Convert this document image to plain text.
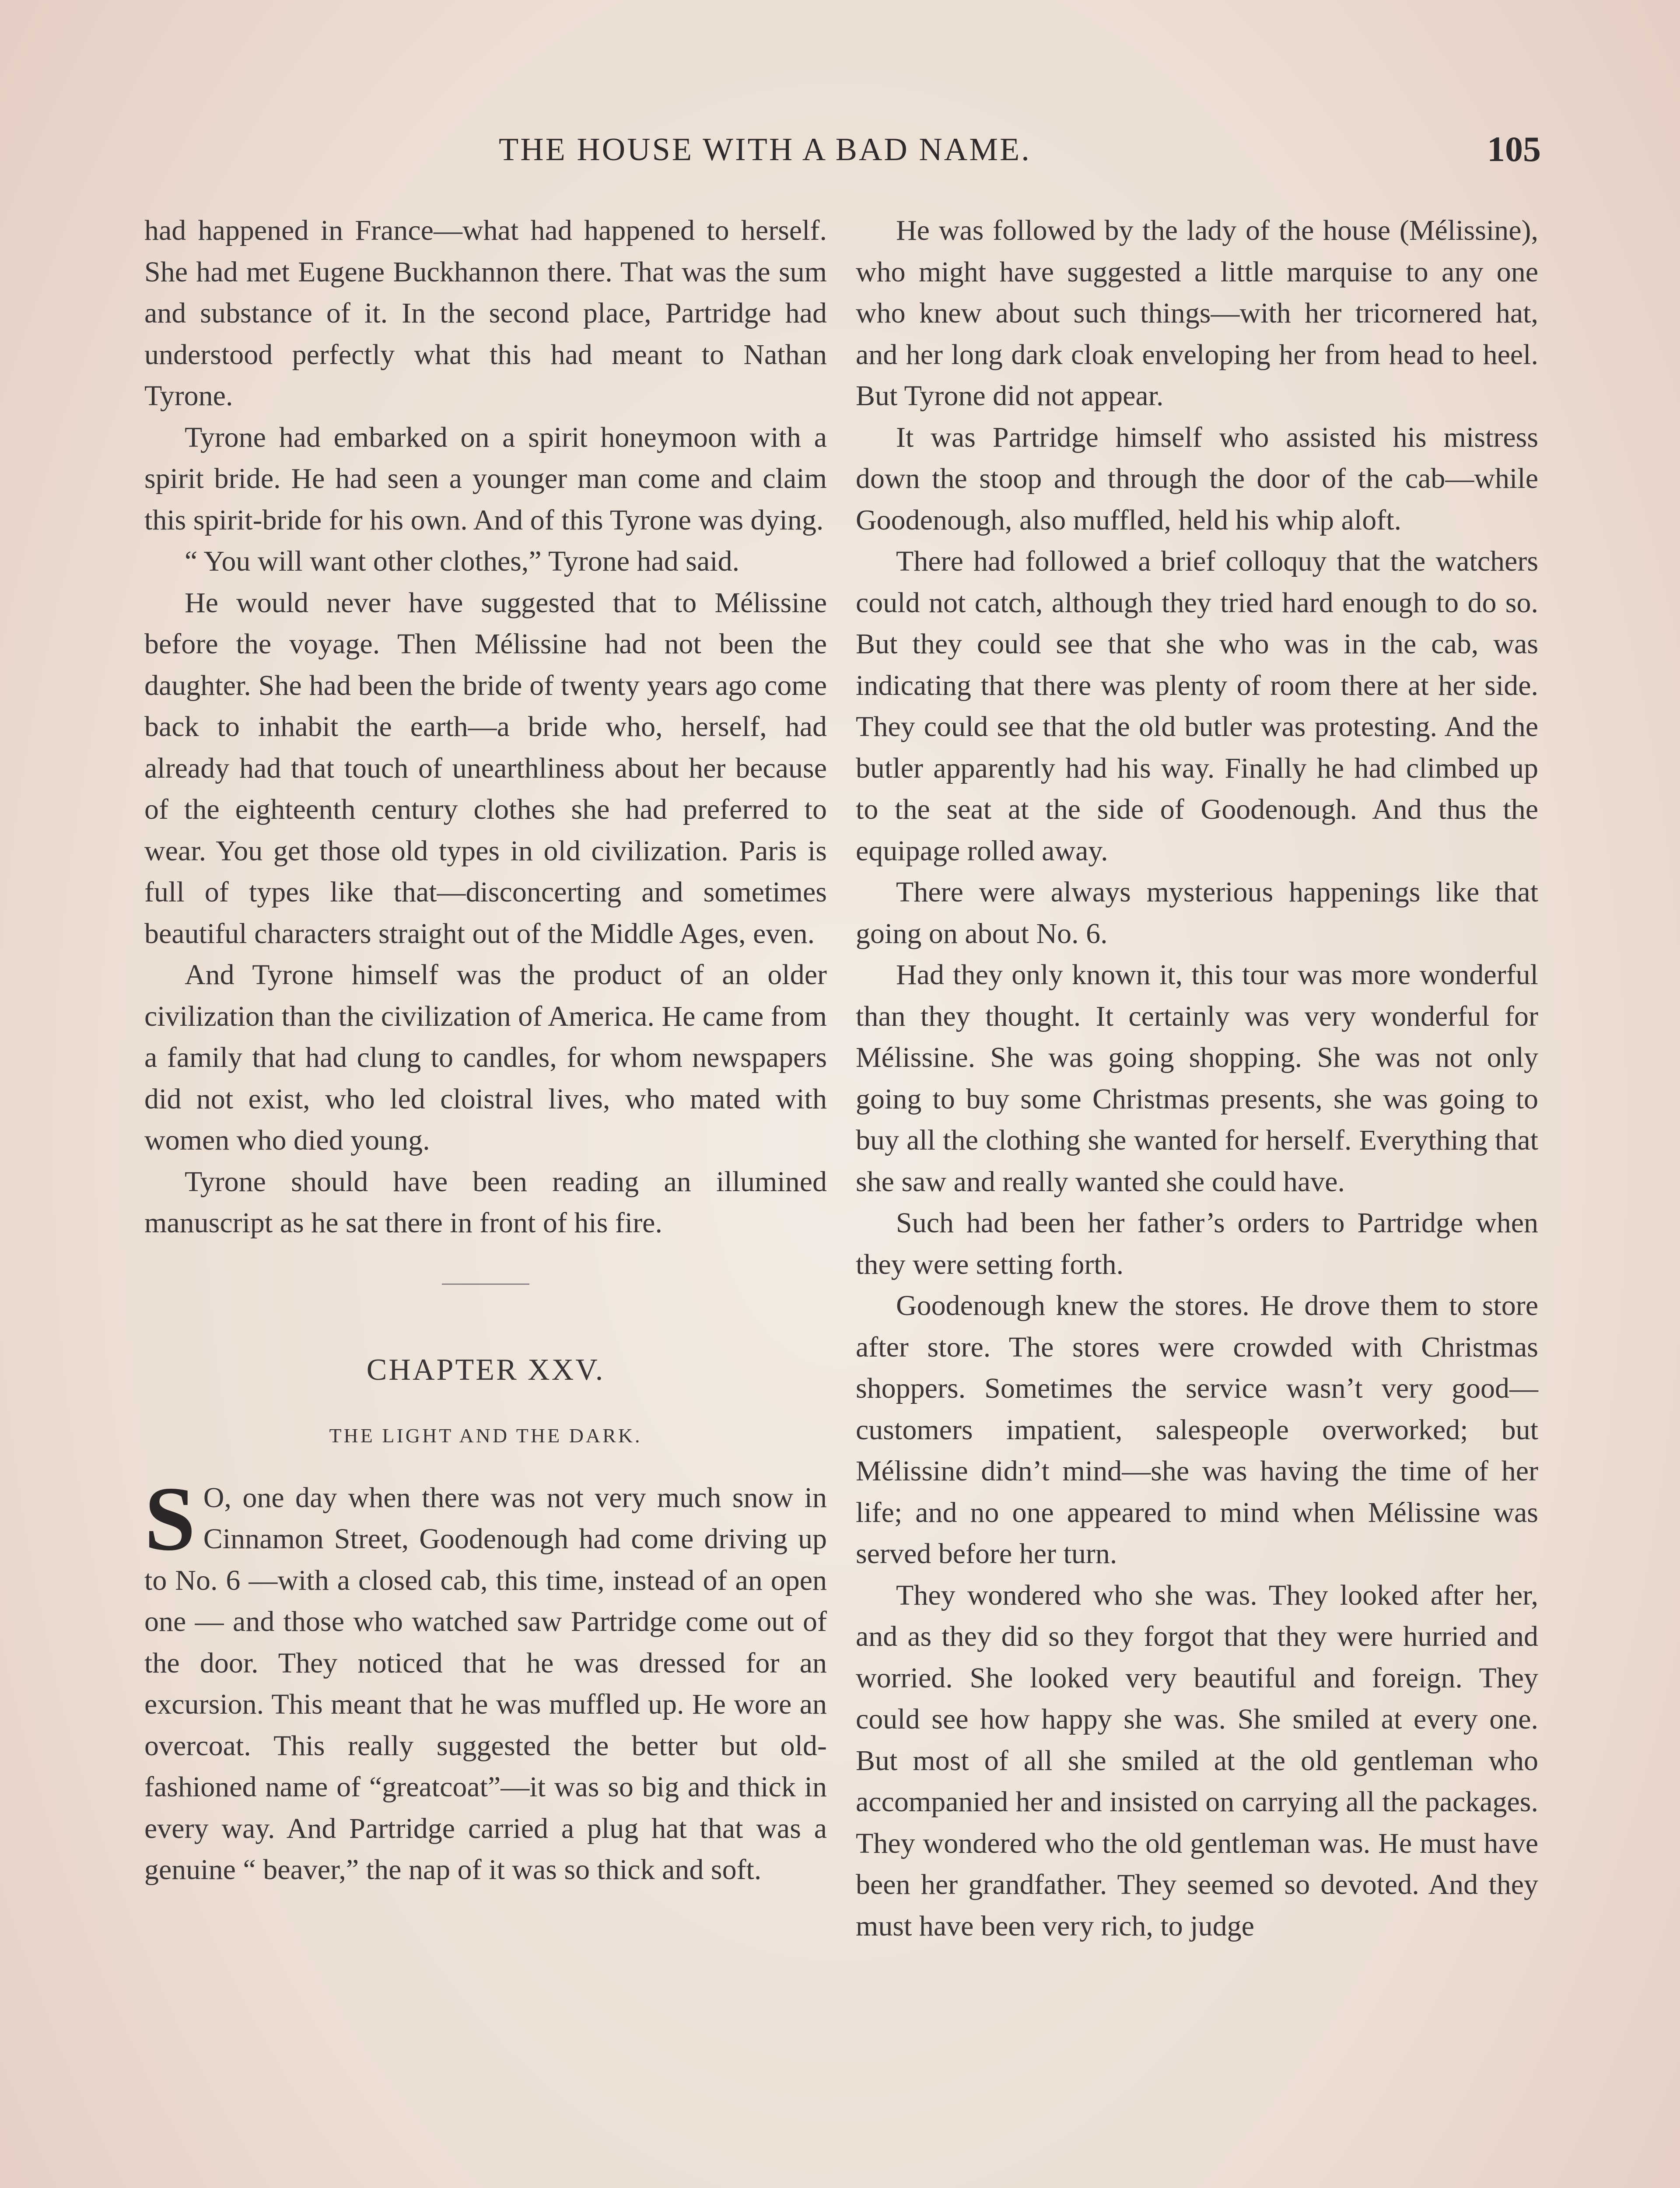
THE HOUSE WITH A BAD NAME.	105

had happened in France—what had happened to herself. She had met Eugene Buckhannon there. That was the sum and substance of it. In the second place, Partridge had understood perfectly what this had meant to Nathan Tyrone.

Tyrone had embarked on a spirit honeymoon with a spirit bride. He had seen a younger man come and claim this spirit-bride for his own. And of this Tyrone was dying.

“ You will want other clothes,” Tyrone had said.

He would never have suggested that to Mélissine before the voyage. Then Mélissine had not been the daughter. She had been the bride of twenty years ago come back to inhabit the earth—a bride who, herself, had already had that touch of unearthliness about her because of the eighteenth century clothes she had preferred to wear. You get those old types in old civilization. Paris is full of types like that—disconcerting and sometimes beautiful characters straight out of the Middle Ages, even.

And Tyrone himself was the product of an older civilization than the civilization of America. He came from a family that had clung to candles, for whom newspapers did not exist, who led cloistral lives, who mated with women who died young.

Tyrone should have been reading an illumined manuscript as he sat there in front of his fire.

CHAPTER XXV.
THE LIGHT AND THE DARK.

S O, one day when there was not very much snow in Cinnamon Street, Goodenough had come driving up to No. 6 —with a closed cab, this time, instead of an open one — and those who watched saw Partridge come out of the door. They noticed that he was dressed for an excursion. This meant that he was muffled up. He wore an overcoat. This really suggested the better but old-fashioned name of “greatcoat”—it was so big and thick in every way. And Partridge carried a plug hat that was a genuine “ beaver,” the nap of it was so thick and soft.

He was followed by the lady of the house (Mélissine), who might have suggested a little marquise to any one who knew about such things—with her tricornered hat, and her long dark cloak enveloping her from head to heel. But Tyrone did not appear.

It was Partridge himself who assisted his mistress down the stoop and through the door of the cab—while Goodenough, also muffled, held his whip aloft.

There had followed a brief colloquy that the watchers could not catch, although they tried hard enough to do so. But they could see that she who was in the cab, was indicating that there was plenty of room there at her side. They could see that the old butler was protesting. And the butler apparently had his way. Finally he had climbed up to the seat at the side of Goodenough. And thus the equipage rolled away.

There were always mysterious happenings like that going on about No. 6.

Had they only known it, this tour was more wonderful than they thought. It certainly was very wonderful for Mélissine. She was going shopping. She was not only going to buy some Christmas presents, she was going to buy all the clothing she wanted for herself. Everything that she saw and really wanted she could have.

Such had been her father’s orders to Partridge when they were setting forth.

Goodenough knew the stores. He drove them to store after store. The stores were crowded with Christmas shoppers. Sometimes the service wasn’t very good—customers impatient, salespeople overworked; but Mélissine didn’t mind—she was having the time of her life; and no one appeared to mind when Mélissine was served before her turn.

They wondered who she was. They looked after her, and as they did so they forgot that they were hurried and worried. She looked very beautiful and foreign. They could see how happy she was. She smiled at every one. But most of all she smiled at the old gentleman who accompanied her and insisted on carrying all the packages. They wondered who the old gentleman was. He must have been her grandfather. They seemed so devoted. And they must have been very rich, to judge
